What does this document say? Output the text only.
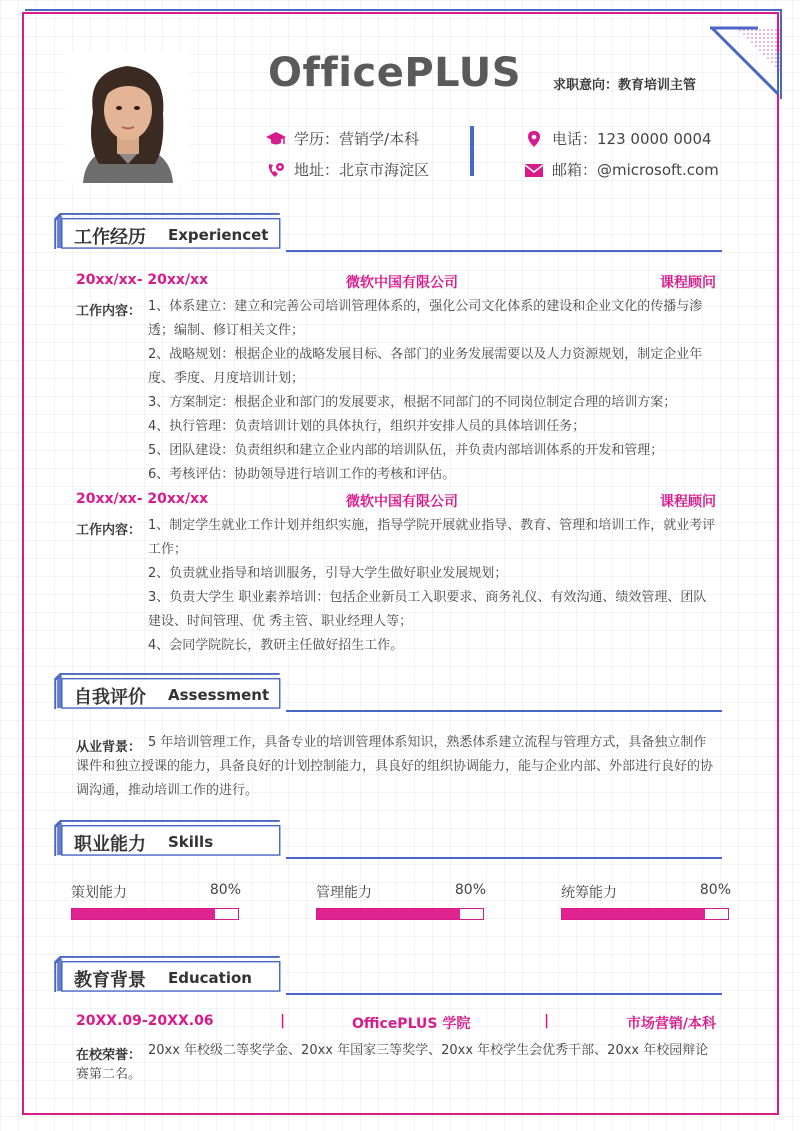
OfficePLUS 求职意向：教育培训主管
学历： 营销学/本科
地址： 北京市海淀区
电话： 123 0000 0004
邮箱： @microsoft.com
工作经历 Experiencet
20xx/xx- 20xx/xx	微软中国有限公司	课程顾问
工作内容： 1、体系建立：建立和完善公司培训管理体系的，强化公司文化体系的建设和企业文化的传播与渗透；编制、修订相关文件；
2、战略规划：根据企业的战略发展目标、各部门的业务发展需要以及人力资源规划，制定企业年度、季度、月度培训计划；
3、方案制定：根据企业和部门的发展要求，根据不同部门的不同岗位制定合理的培训方案；
4、执行管理：负责培训计划的具体执行，组织并安排人员的具体培训任务；
5、团队建设：负责组织和建立企业内部的培训队伍，并负责内部培训体系的开发和管理；
6、考核评估：协助领导进行培训工作的考核和评估。
20xx/xx- 20xx/xx	微软中国有限公司	课程顾问
工作内容： 1、制定学生就业工作计划并组织实施，指导学院开展就业指导、教育、管理和培训工作，就业考评工作；
2、负责就业指导和培训服务，引导大学生做好职业发展规划；
3、负责大学生 职业素养培训：包括企业新员工入职要求、商务礼仪、有效沟通、绩效管理、团队建设、时间管理、优 秀主管、职业经理人等；
4、会同学院院长，教研主任做好招生工作。
自我评价 Assessment
5 年培训管理工作，具备专业的培训管理体系知识，熟悉体系建立流程与管理方式，具备独立制作课件和独立授课的能力，具备良好的计划控制能力，具良好的组织协调能力，能与企业内部、外部进行良好的协调沟通，推动培训工作的进行。
从业背景：
职业能力 Skills
策划能力	80%	管理能力	80%	统筹能力	80%
教育背景 Education
20XX.09-20XX.06	|	OfficePLUS 学院	|	市场营销/本科
20xx 年校级二等奖学金、20xx 年国家三等奖学、20xx 年校学生会优秀干部、20xx 年校园辩论赛第二名。
在校荣誉：
